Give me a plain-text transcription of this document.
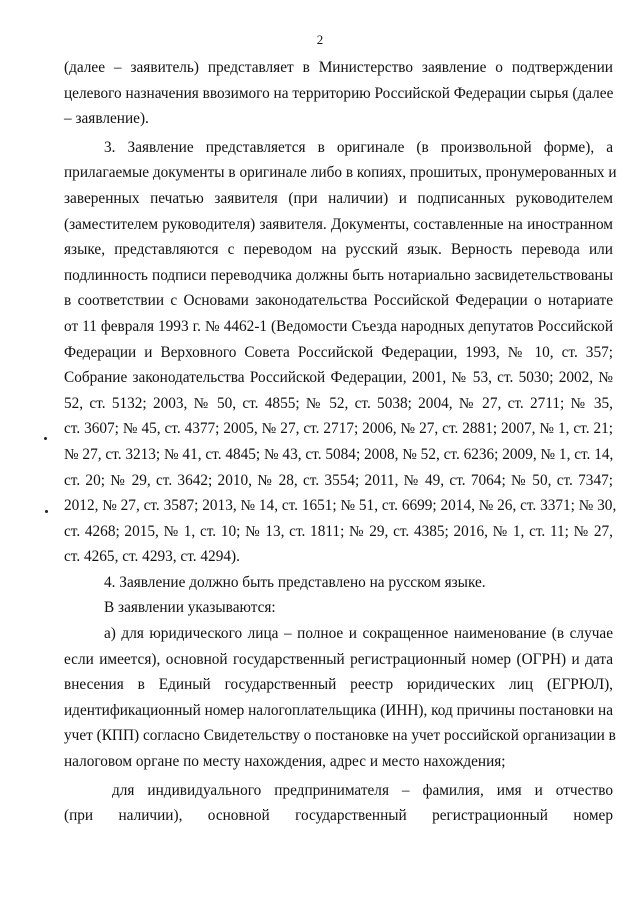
2
(далее – заявитель) представляет в Министерство заявление о подтверждении
целевого назначения ввозимого на территорию Российской Федерации сырья (далее
– заявление).
3. Заявление представляется в оригинале (в произвольной форме), а
прилагаемые документы в оригинале либо в копиях, прошитых, пронумерованных и
заверенных печатью заявителя (при наличии) и подписанных руководителем
(заместителем руководителя) заявителя. Документы, составленные на иностранном
языке, представляются с переводом на русский язык. Верность перевода или
подлинность подписи переводчика должны быть нотариально засвидетельствованы
в соответствии с Основами законодательства Российской Федерации о нотариате
от 11 февраля 1993 г. № 4462-1 (Ведомости Съезда народных депутатов Российской
Федерации и Верховного Совета Российской Федерации, 1993, № 10, ст. 357;
Собрание законодательства Российской Федерации, 2001, № 53, ст. 5030; 2002, №
52, ст. 5132; 2003, № 50, ст. 4855; № 52, ст. 5038; 2004, № 27, ст. 2711; № 35,
ст. 3607; № 45, ст. 4377; 2005, № 27, ст. 2717; 2006, № 27, ст. 2881; 2007, № 1, ст. 21;
№ 27, ст. 3213; № 41, ст. 4845; № 43, ст. 5084; 2008, № 52, ст. 6236; 2009, № 1, ст. 14,
ст. 20; № 29, ст. 3642; 2010, № 28, ст. 3554; 2011, № 49, ст. 7064; № 50, ст. 7347;
2012, № 27, ст. 3587; 2013, № 14, ст. 1651; № 51, ст. 6699; 2014, № 26, ст. 3371; № 30,
ст. 4268; 2015, № 1, ст. 10; № 13, ст. 1811; № 29, ст. 4385; 2016, № 1, ст. 11; № 27,
ст. 4265, ст. 4293, ст. 4294).
4. Заявление должно быть представлено на русском языке.
В заявлении указываются:
а) для юридического лица – полное и сокращенное наименование (в случае
если имеется), основной государственный регистрационный номер (ОГРН) и дата
внесения в Единый государственный реестр юридических лиц (ЕГРЮЛ),
идентификационный номер налогоплательщика (ИНН), код причины постановки на
учет (КПП) согласно Свидетельству о постановке на учет российской организации в
налоговом органе по месту нахождения, адрес и место нахождения;
для индивидуального предпринимателя – фамилия, имя и отчество
(при наличии), основной государственный регистрационный номер
